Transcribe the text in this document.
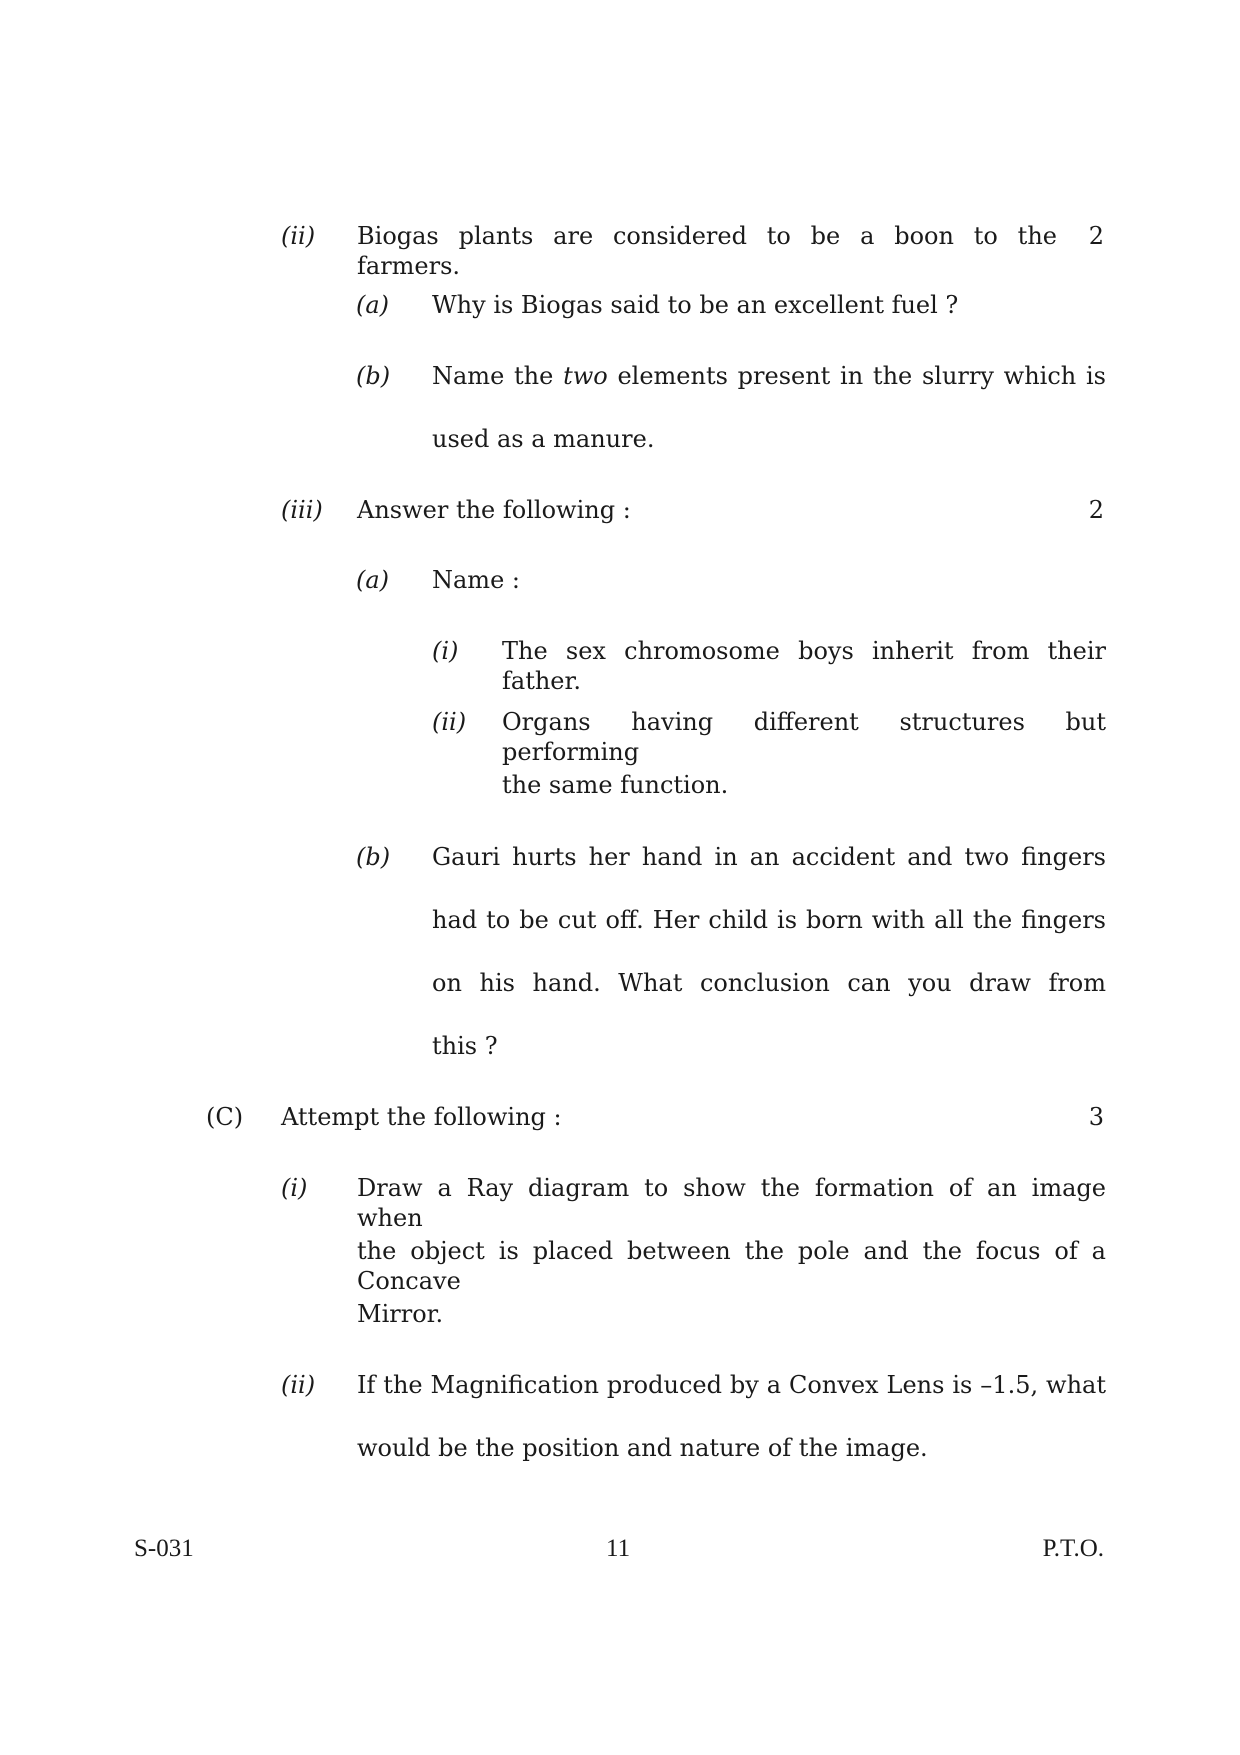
(ii) Biogas plants are considered to be a boon to the farmers.
2
(a) Why is Biogas said to be an excellent fuel ?
(b) Name the two elements present in the slurry which is
used as a manure.
(iii) Answer the following :	2
(a) Name :
(i) The sex chromosome boys inherit from their father.
(ii) Organs having different structures but performing
the same function.
(b) Gauri hurts her hand in an accident and two fingers
had to be cut off. Her child is born with all the fingers
on his hand. What conclusion can you draw from
this ?
(C) Attempt the following :	3
(i) Draw a Ray diagram to show the formation of an image when
the object is placed between the pole and the focus of a Concave
Mirror.
(ii) If the Magnification produced by a Convex Lens is –1.5, what
would be the position and nature of the image.
S-031	11	P.T.O.
